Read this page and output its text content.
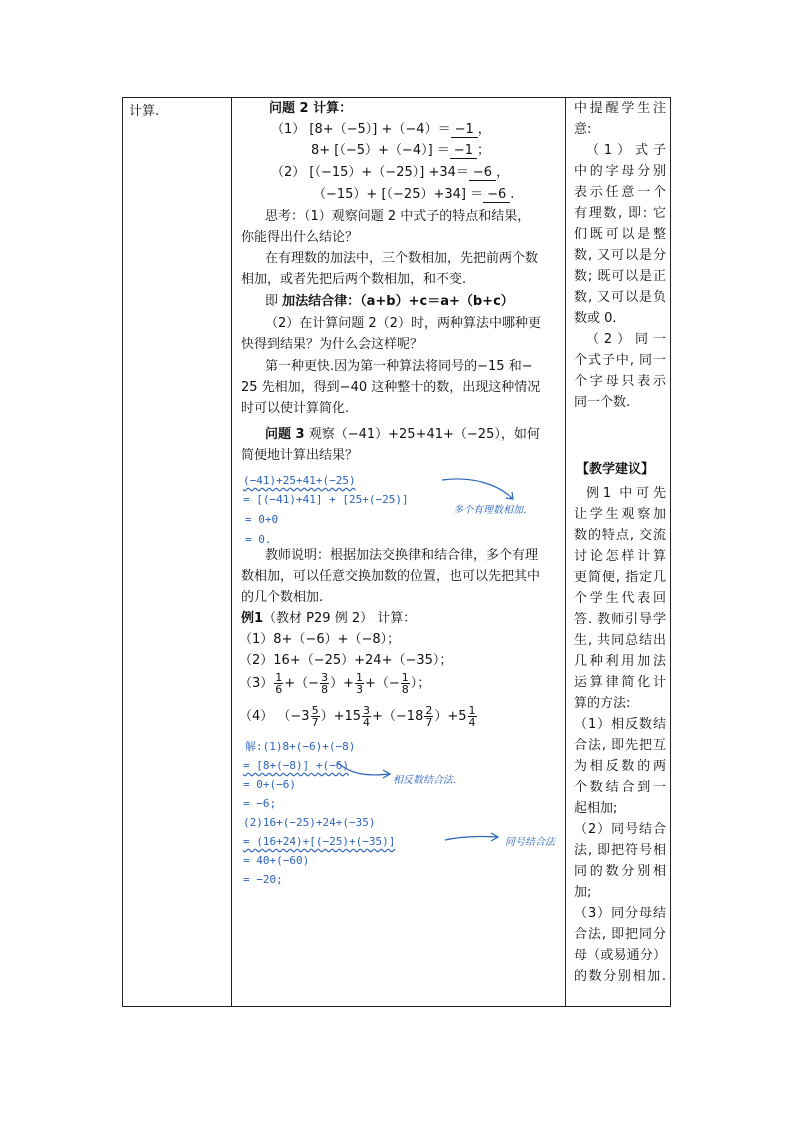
计算.	问题 2 计算：
（1） [8+（−5）] +（−4）＝ −1 ，
8+ [（−5）+（−4）] ＝ −1 ；
（2） [（−15）+（−25）] +34＝ −6 ，
（−15）+ [（−25）+34] ＝ −6 .
思考：（1）观察问题 2 中式子的特点和结果，
你能得出什么结论？
在有理数的加法中，三个数相加，先把前两个数
相加，或者先把后两个数相加，和不变.
即 加法结合律：（a+b）+c＝a+（b+c）
（2）在计算问题 2（2）时，两种算法中哪种更
快得到结果？为什么会这样呢？
第一种更快.因为第一种算法将同号的−15 和−
25 先相加，得到−40 这种整十的数，出现这种情况
时可以使计算简化.
问题 3 观察（−41）+25+41+（−25），如何
简便地计算出结果？
(−41)+25+41+(−25)
= [(−41)+41] + [25+(−25)]
= 0+0
= 0.
多个有理数相加.
教师说明：根据加法交换律和结合律，多个有理
数相加，可以任意交换加数的位置，也可以先把其中
的几个数相加.
例1（教材 P29 例 2） 计算：
（1）8+（−6）+（−8）；
（2）16+（−25）+24+（−35）；
$(3) \frac{1}{6}$ +（− $\frac{3}{8}$ ）+ $\frac{1}{3}$ +（− $\frac{1}{8}$ ）；
（4） $(-3 \frac{5}{7} )+15 \frac{3}{4} +(-18 \frac{2}{7} )+5 \frac{1}{4}$
解:(1)8+(−6)+(−8)
= [8+(−8)] +(−6)
= 0+(−6)
= −6;
相反数结合法.
(2)16+(−25)+24+(−35)
= (16+24)+[(−25)+(−35)]
= 40+(−60)
= −20;
同号结合法
中提醒学生注
意:
（1）式子
中的字母分别
表示任意一个
有理数, 即: 它
们既可以是整
数, 又可以是分
数; 既可以是正
数, 又可以是负
数或 0.
（2）同一
个式子中, 同一
个字母只表示
同一个数.
【教学建议】
例1 中可先
让学生观察加
数的特点, 交流
讨论怎样计算
更简便, 指定几
个学生代表回
答. 教师引导学
生, 共同总结出
几种利用加法
运算律简化计
算的方法:
（1）相反数结
合法, 即先把互
为相反数的两
个数结合到一
起相加;
（2）同号结合
法, 即把符号相
同的数分别相
加;
（3）同分母结
合法, 即把同分
母（或易通分）
的数分别相加.
